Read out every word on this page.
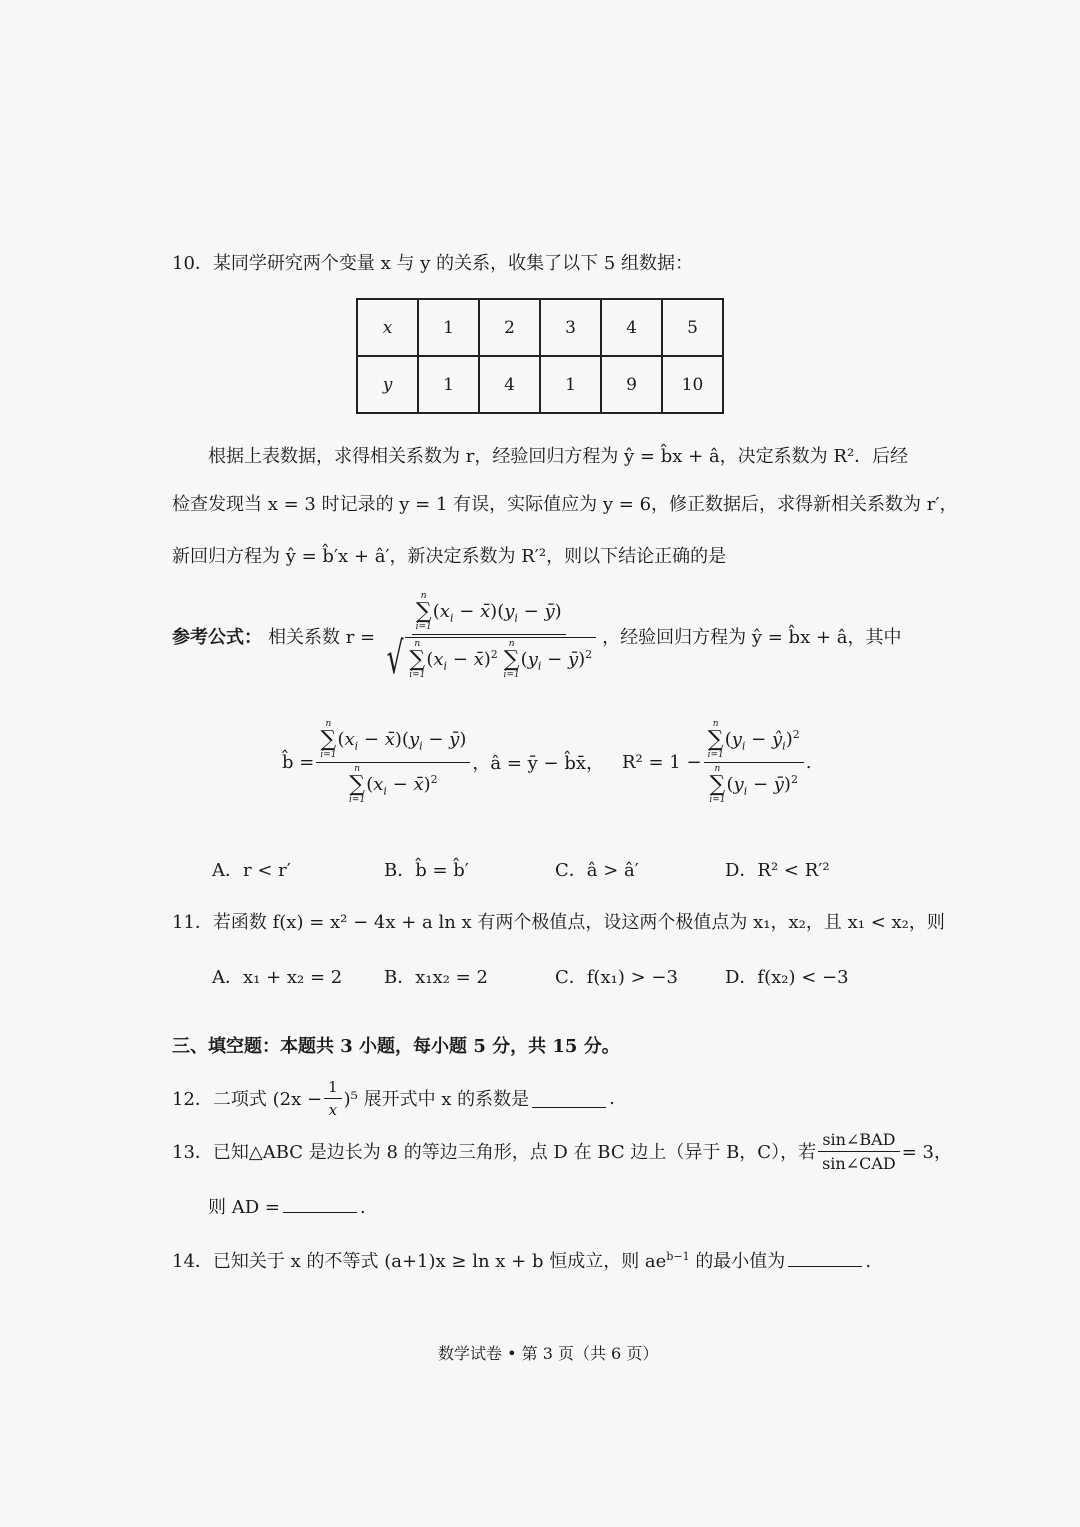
10．某同学研究两个变量 x 与 y 的关系，收集了以下 5 组数据：
x	1	2	3	4	5
y	1	4	1	9	10
根据上表数据，求得相关系数为 r，经验回归方程为 ŷ = b̂x + â，决定系数为 R²．后经
检查发现当 x = 3 时记录的 y = 1 有误，实际值应为 y = 6，修正数据后，求得新相关系数为 r′，
新回归方程为 ŷ = b̂′x + â′，新决定系数为 R′²，则以下结论正确的是
参考公式： 相关系数 r = n
∑
i=1
($x_i$ − $x̄)(y_i$ − ȳ)
√ n
∑
i=1
($x_i$ − x̄)$^2$
n
∑
i=1
($y_i$ − ȳ)$^2$ ，经验回归方程为 ŷ = b̂x + â，其中
b̂ = n
∑
i=1
($x_i$ − $x̄)(y_i$ − ȳ)
n
∑
i=1
($x_i$ − x̄)$^2$ ，â = ȳ − b̂x̄， R² = 1 − n
∑
i=1
($y_i$ − $ŷ_i)^2$
n
∑
i=1
($y_i$ − ȳ)$^2$ .
A．r < r′	B．b̂ = b̂′	C．â > â′	D．R² < R′²
11．若函数 f(x) = x² − 4x + a ln x 有两个极值点，设这两个极值点为 x₁，x₂，且 x₁ < x₂，则
A．x₁ + x₂ = 2 B．x₁x₂ = 2	C．f(x₁) > −3	D．f(x₂) < −3
三、填空题：本题共 3 小题，每小题 5 分，共 15 分。
12．二项式 $(2x - \frac{1}{x} )^5$ 展开式中 x 的系数是	.
13．已知△ABC 是边长为 8 的等边三角形，点 D 在 BC 边上（异于 B，C），若 $\frac{\text{sin∠BAD}}{\text{sin∠CAD}} = 3$，
则 AD =	.
14．已知关于 x 的不等式 (a+1)x ≥ ln x + b 恒成立，则 $ae^{b-1}$ 的最小值为	.
数学试卷 • 第 3 页（共 6 页）
